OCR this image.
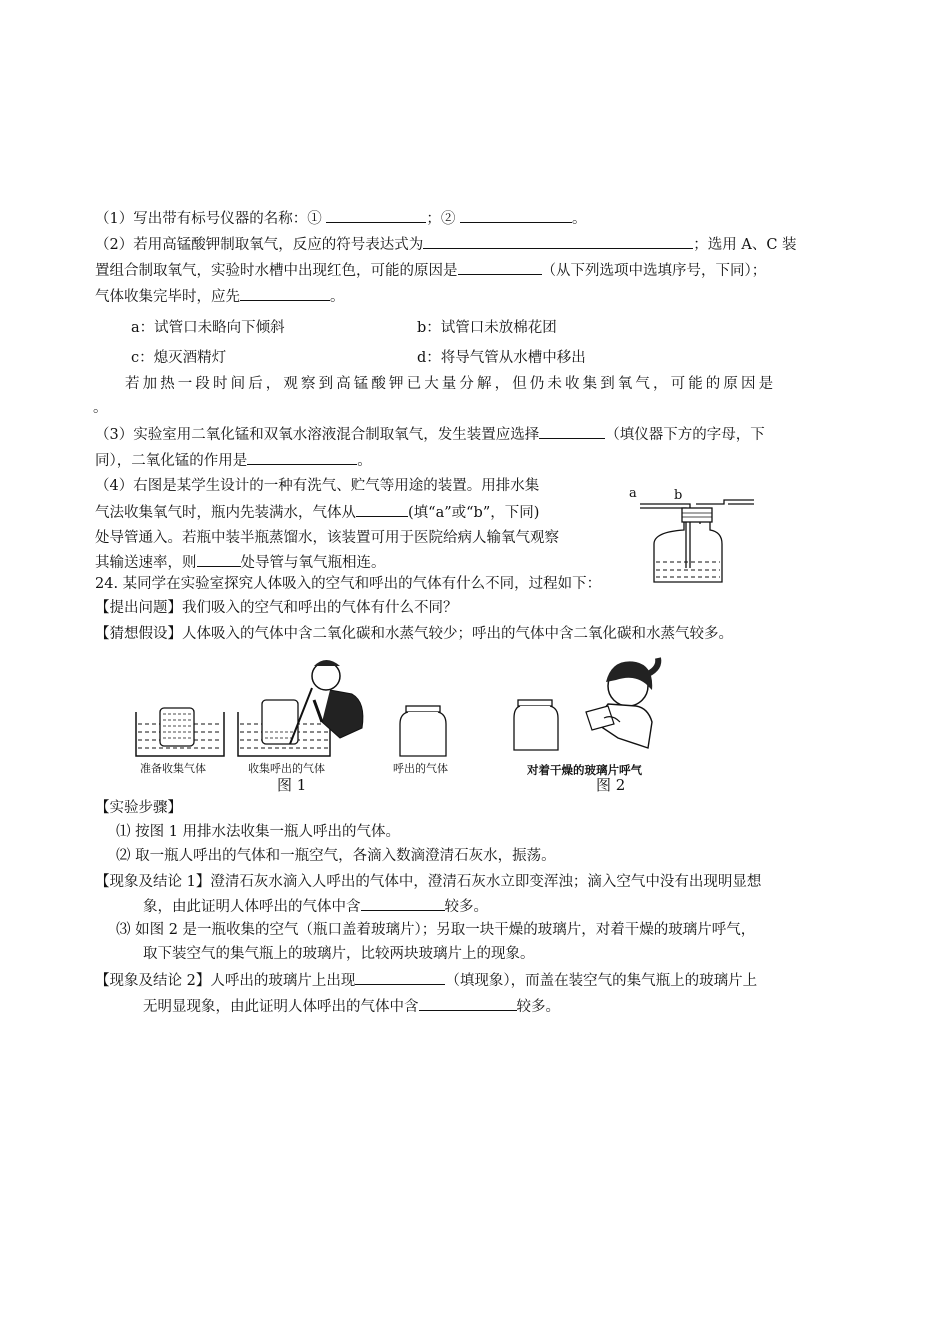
（1）写出带有标号仪器的名称：①	；②	。
（2）若用高锰酸钾制取氧气，反应的符号表达式为	；选用 A、C 装
置组合制取氧气，实验时水槽中出现红色，可能的原因是	（从下列选项中选填序号，下同）；
气体收集完毕时，应先	。
a：试管口未略向下倾斜	b：试管口未放棉花团
c：熄灭酒精灯	d：将导气管从水槽中移出
若加热一段时间后，观察到高锰酸钾已大量分解，但仍未收集到氧气，可能的原因是
。
（3）实验室用二氧化锰和双氧水溶液混合制取氧气，发生装置应选择	（填仪器下方的字母，下
同），二氧化锰的作用是	。
（4）右图是某学生设计的一种有洗气、贮气等用途的装置。用排水集
气法收集氧气时，瓶内先装满水，气体从	(填“a”或“b”，下同)
处导管通入。若瓶中装半瓶蒸馏水，该装置可用于医院给病人输氧气观察
其输送速率，则	处导管与氧气瓶相连。
a	b
24. 某同学在实验室探究人体吸入的空气和呼出的气体有什么不同，过程如下：
【提出问题】我们吸入的空气和呼出的气体有什么不同？
【猜想假设】人体吸入的气体中含二氧化碳和水蒸气较少；呼出的气体中含二氧化碳和水蒸气较多。
准备收集气体	收集呼出的气体	呼出的气体
图 1
对着干燥的玻璃片呼气
图 2
【实验步骤】
⑴ 按图 1 用排水法收集一瓶人呼出的气体。
⑵ 取一瓶人呼出的气体和一瓶空气，各滴入数滴澄清石灰水，振荡。
【现象及结论 1】澄清石灰水滴入人呼出的气体中，澄清石灰水立即变浑浊；滴入空气中没有出现明显想
象，由此证明人体呼出的气体中含	较多。
⑶ 如图 2 是一瓶收集的空气（瓶口盖着玻璃片）；另取一块干燥的玻璃片，对着干燥的玻璃片呼气，
取下装空气的集气瓶上的玻璃片，比较两块玻璃片上的现象。
【现象及结论 2】人呼出的玻璃片上出现	（填现象），而盖在装空气的集气瓶上的玻璃片上
无明显现象，由此证明人体呼出的气体中含	较多。
